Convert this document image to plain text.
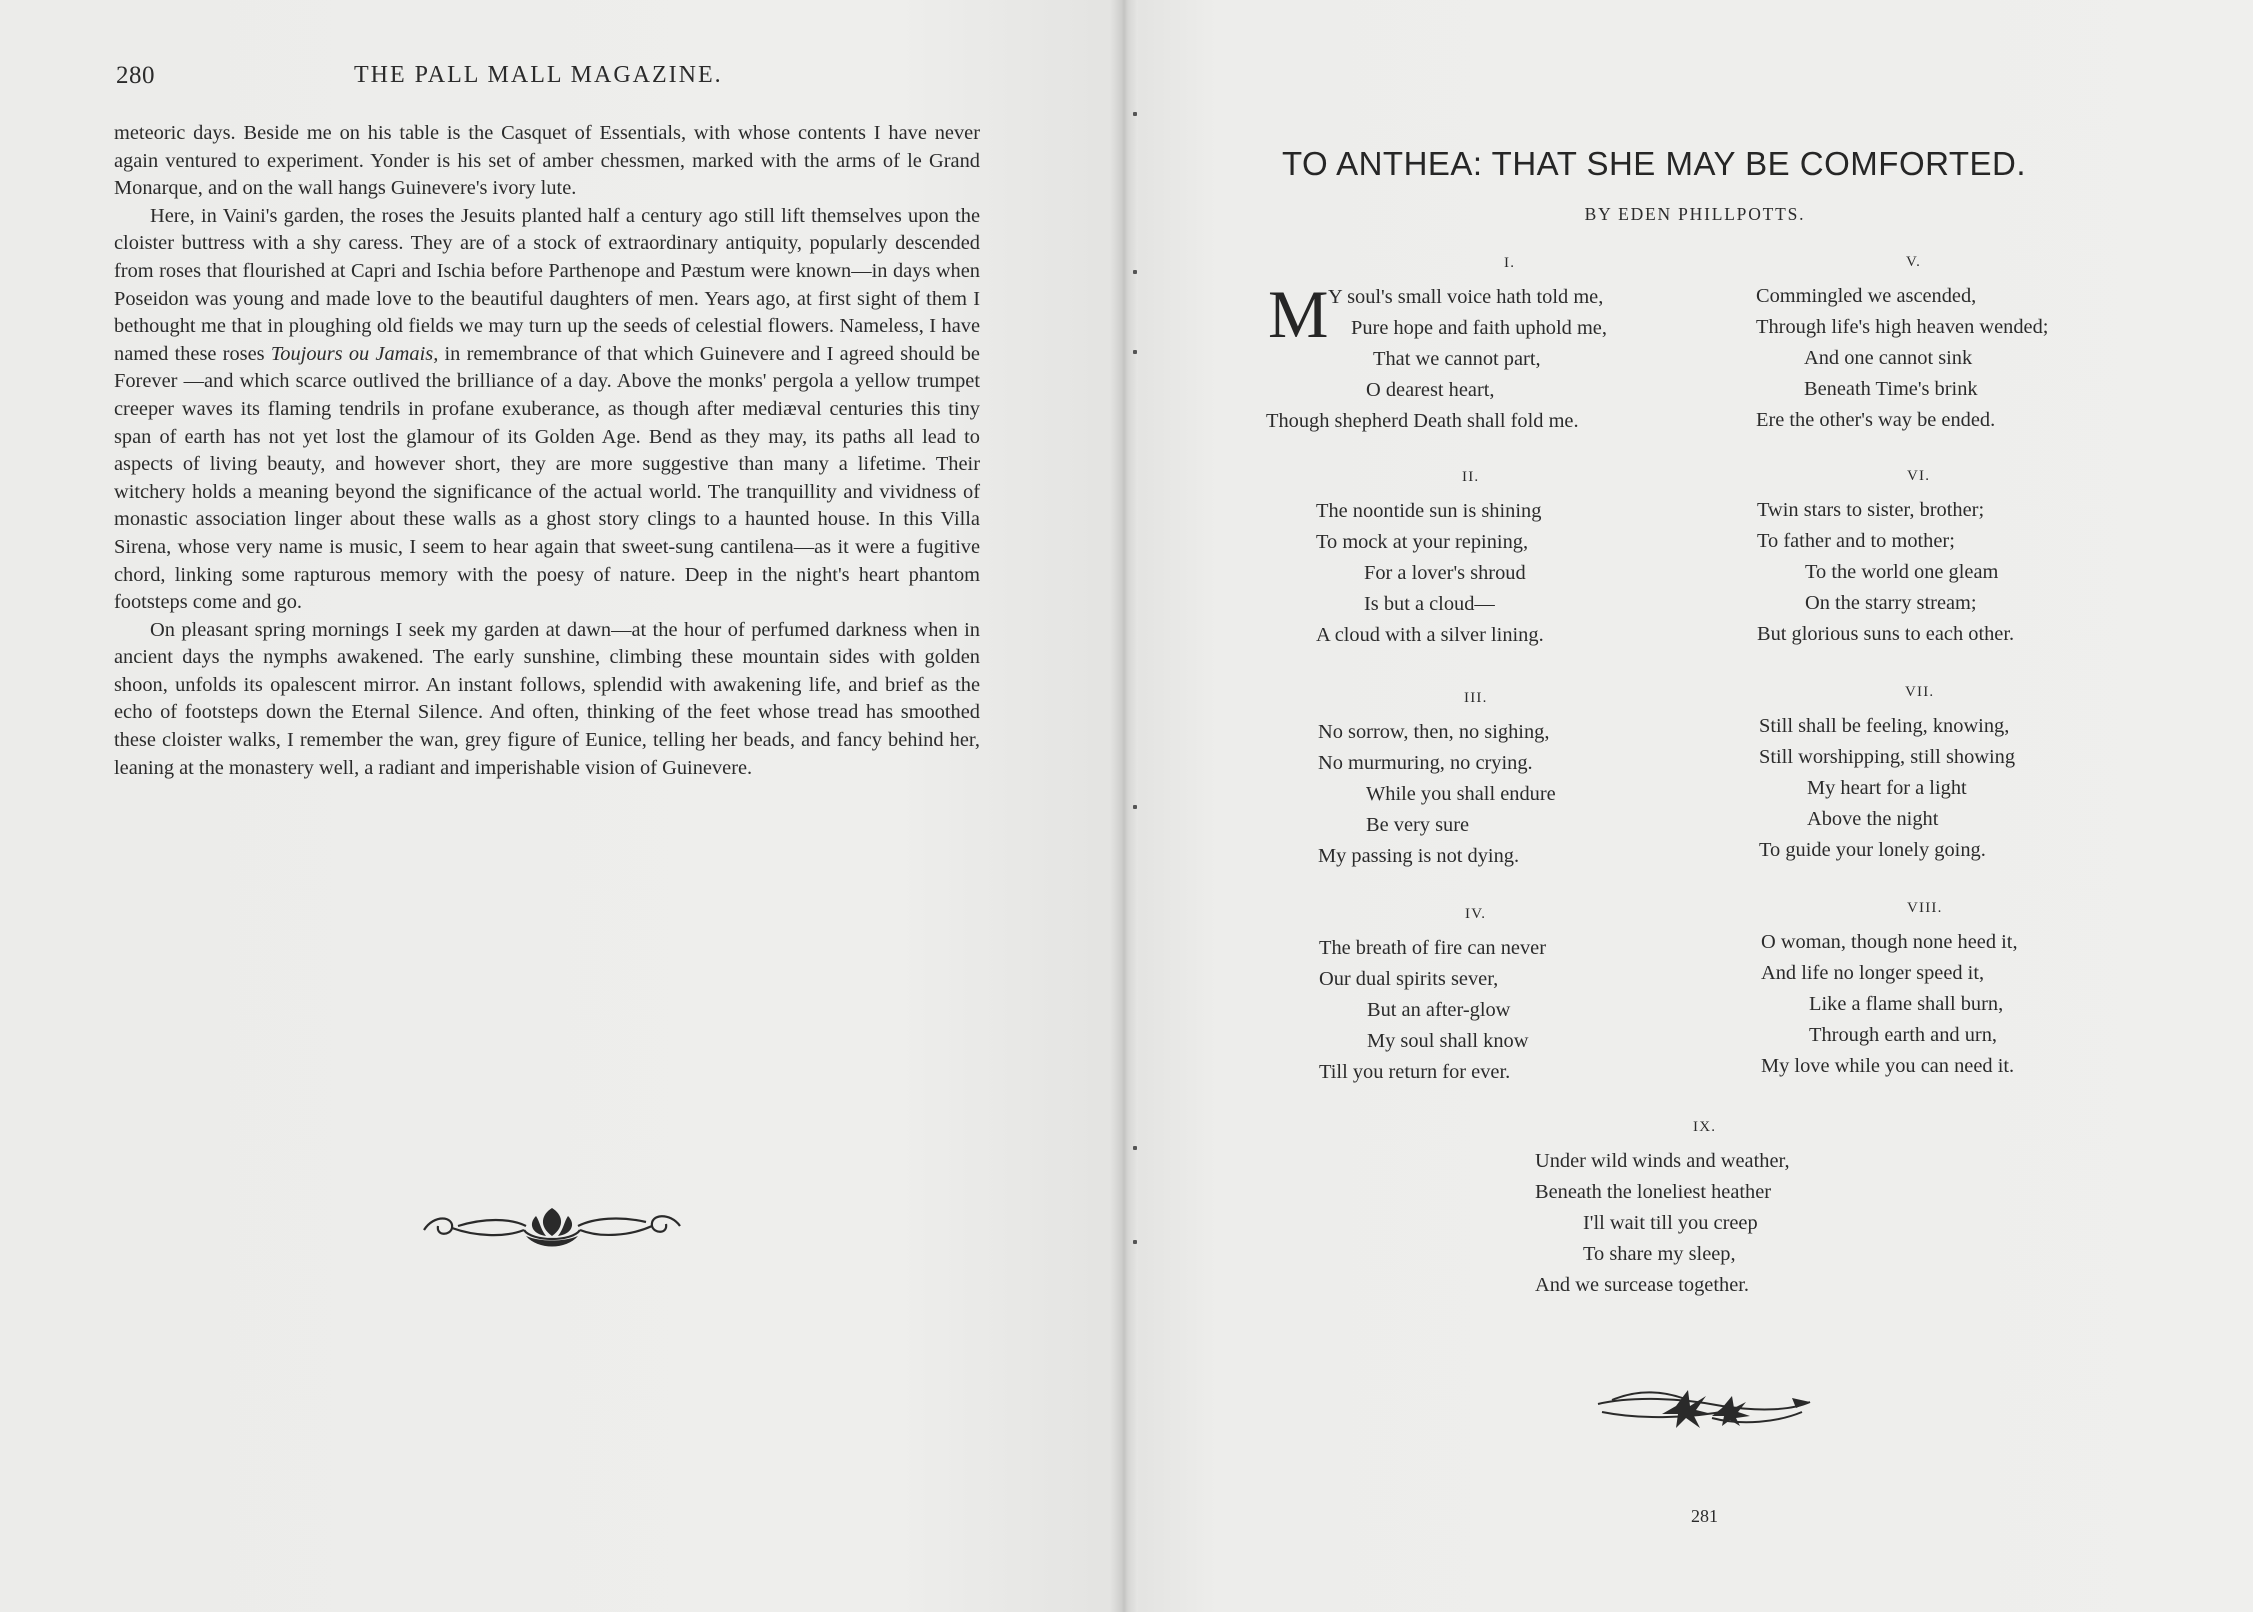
280	THE PALL MALL MAGAZINE.

meteoric days. Beside me on his table is the Casquet of Essentials, with whose contents I have never again ventured to experiment. Yonder is his set of amber chessmen, marked with the arms of le Grand Monarque, and on the wall hangs Guinevere's ivory lute.

Here, in Vaini's garden, the roses the Jesuits planted half a century ago still lift themselves upon the cloister buttress with a shy caress. They are of a stock of extraordinary antiquity, popularly descended from roses that flourished at Capri and Ischia before Parthenope and Pæstum were known—in days when Poseidon was young and made love to the beautiful daughters of men. Years ago, at first sight of them I bethought me that in ploughing old fields we may turn up the seeds of celestial flowers. Nameless, I have named these roses Toujours ou Jamais, in remembrance of that which Guinevere and I agreed should be Forever —and which scarce outlived the brilliance of a day. Above the monks' pergola a yellow trumpet creeper waves its flaming tendrils in profane exuberance, as though after mediæval centuries this tiny span of earth has not yet lost the glamour of its Golden Age. Bend as they may, its paths all lead to aspects of living beauty, and however short, they are more suggestive than many a lifetime. Their witchery holds a meaning beyond the significance of the actual world. The tranquillity and vividness of monastic association linger about these walls as a ghost story clings to a haunted house. In this Villa Sirena, whose very name is music, I seem to hear again that sweet-sung cantilena—as it were a fugitive chord, linking some rapturous memory with the poesy of nature. Deep in the night's heart phantom footsteps come and go.

On pleasant spring mornings I seek my garden at dawn—at the hour of perfumed darkness when in ancient days the nymphs awakened. The early sunshine, climbing these mountain sides with golden shoon, unfolds its opalescent mirror. An instant follows, splendid with awakening life, and brief as the echo of footsteps down the Eternal Silence. And often, thinking of the feet whose tread has smoothed these cloister walks, I remember the wan, grey figure of Eunice, telling her beads, and fancy behind her, leaning at the monastery well, a radiant and imperishable vision of Guinevere.

TO ANTHEA: THAT SHE MAY BE COMFORTED.
BY EDEN PHILLPOTTS.
M
I.
Y soul's small voice hath told me,
Pure hope and faith uphold me,
That we cannot part,
O dearest heart,
Though shepherd Death shall fold me.
II.
The noontide sun is shining
To mock at your repining,
For a lover's shroud
Is but a cloud—
A cloud with a silver lining.
III.
No sorrow, then, no sighing,
No murmuring, no crying.
While you shall endure
Be very sure
My passing is not dying.
IV.
The breath of fire can never
Our dual spirits sever,
But an after-glow
My soul shall know
Till you return for ever.
V.
Commingled we ascended,
Through life's high heaven wended;
And one cannot sink
Beneath Time's brink
Ere the other's way be ended.
VI.
Twin stars to sister, brother;
To father and to mother;
To the world one gleam
On the starry stream;
But glorious suns to each other.
VII.
Still shall be feeling, knowing,
Still worshipping, still showing
My heart for a light
Above the night
To guide your lonely going.
VIII.
O woman, though none heed it,
And life no longer speed it,
Like a flame shall burn,
Through earth and urn,
My love while you can need it.
IX.
Under wild winds and weather,
Beneath the loneliest heather
I'll wait till you creep
To share my sleep,
And we surcease together.
281
